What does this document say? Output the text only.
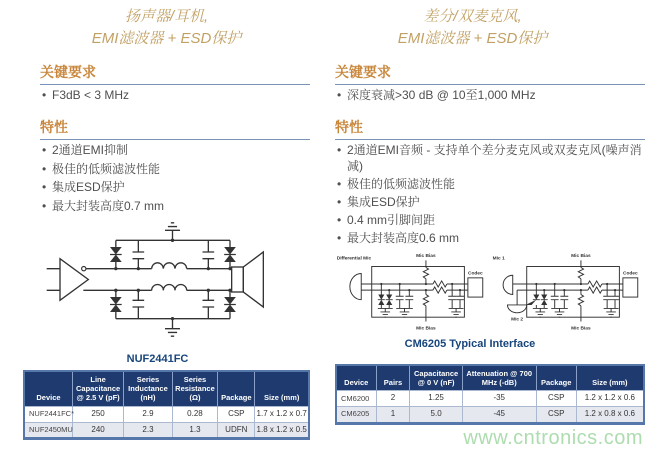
扬声器/耳机,
EMI滤波器 + ESD保护
关键要求
• F3dB < 3 MHz
特性
• 2通道EMI抑制
• 极佳的低频滤波性能
• 集成ESD保护
• 最大封装高度0.7 mm
NUF2441FC
Device	Line Capacitance @ 2.5 V (pF)	Series Inductance (nH)	Series Resistance (Ω)	Package	Size (mm)
NUF2441FC*	250	2.9	0.28	CSP	1.7 x 1.2 x 0.7
NUF2450MU	240	2.3	1.3	UDFN	1.8 x 1.2 x 0.5
差分/双麦克风,
EMI滤波器 + ESD保护
关键要求
• 深度衰减>30 dB @ 10至1,000 MHz
特性
• 2通道EMI音频 - 支持单个差分麦克风或双麦克风(噪声消减)
• 极佳的低频滤波性能
• 集成ESD保护
• 0.4 mm引脚间距
• 最大封装高度0.6 mm
Differential Mic
Mic Bias
Mic Bias
Codec
Mic 1
Mic 2
Mic Bias
Mic Bias
Codec
CM6205 Typical Interface
Device	Pairs	Capacitance @ 0 V (nF)	Attenuation @ 700 MHz (-dB)	Package	Size (mm)
CM6200	2	1.25	-35	CSP	1.2 x 1.2 x 0.6
CM6205	1	5.0	-45	CSP	1.2 x 0.8 x 0.6
www.cntronics.com
